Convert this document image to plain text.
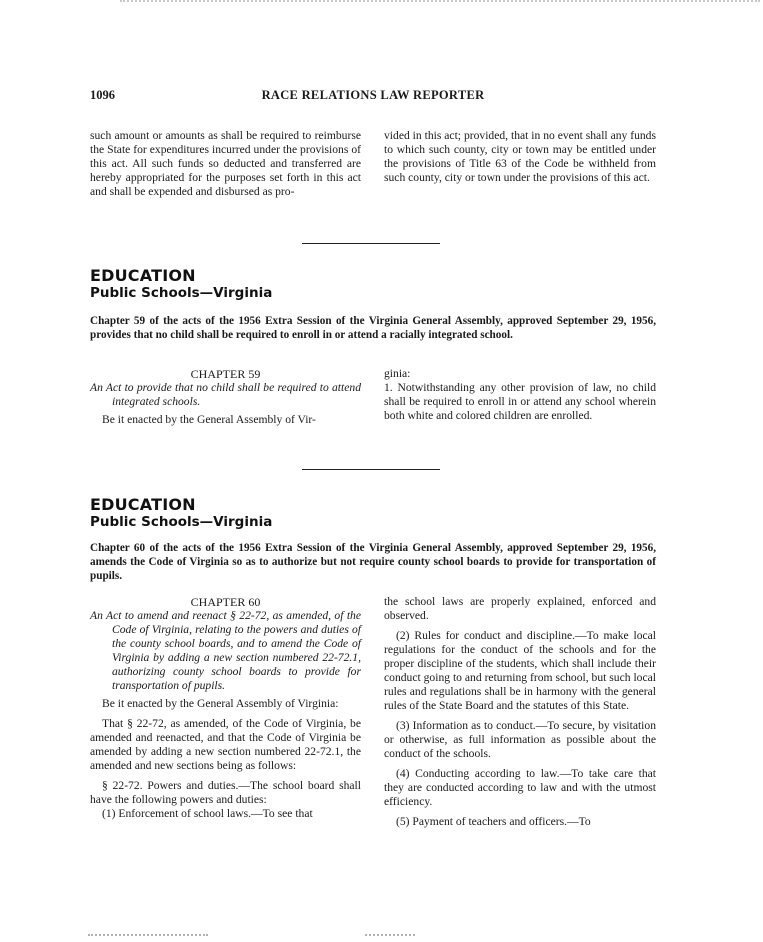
1096	RACE RELATIONS LAW REPORTER

such amount or amounts as shall be required to reimburse the State for expenditures incurred under the provisions of this act. All such funds so deducted and transferred are hereby appropriated for the purposes set forth in this act and shall be expended and disbursed as pro-

vided in this act; provided, that in no event shall any funds to which such county, city or town may be entitled under the provisions of Title 63 of the Code be withheld from such county, city or town under the provisions of this act.

EDUCATION
Public Schools—Virginia
Chapter 59 of the acts of the 1956 Extra Session of the Virginia General Assembly, approved September 29, 1956, provides that no child shall be required to enroll in or attend a racially integrated school.

CHAPTER 59

An Act to provide that no child shall be required to attend integrated schools.

Be it enacted by the General Assembly of Vir-

ginia:

1. Notwithstanding any other provision of law, no child shall be required to enroll in or attend any school wherein both white and colored children are enrolled.

EDUCATION
Public Schools—Virginia
Chapter 60 of the acts of the 1956 Extra Session of the Virginia General Assembly, approved September 29, 1956, amends the Code of Virginia so as to authorize but not require county school boards to provide for transportation of pupils.

CHAPTER 60

An Act to amend and reenact § 22-72, as amended, of the Code of Virginia, relating to the powers and duties of the county school boards, and to amend the Code of Virginia by adding a new section numbered 22-72.1, authorizing county school boards to provide for transportation of pupils.

Be it enacted by the General Assembly of Virginia:

That § 22-72, as amended, of the Code of Virginia, be amended and reenacted, and that the Code of Virginia be amended by adding a new section numbered 22-72.1, the amended and new sections being as follows:

§ 22-72. Powers and duties.—The school board shall have the following powers and duties:

(1) Enforcement of school laws.—To see that

the school laws are properly explained, enforced and observed.

(2) Rules for conduct and discipline.—To make local regulations for the conduct of the schools and for the proper discipline of the students, which shall include their conduct going to and returning from school, but such local rules and regulations shall be in harmony with the general rules of the State Board and the statutes of this State.

(3) Information as to conduct.—To secure, by visitation or otherwise, as full information as possible about the conduct of the schools.

(4) Conducting according to law.—To take care that they are conducted according to law and with the utmost efficiency.

(5) Payment of teachers and officers.—To
